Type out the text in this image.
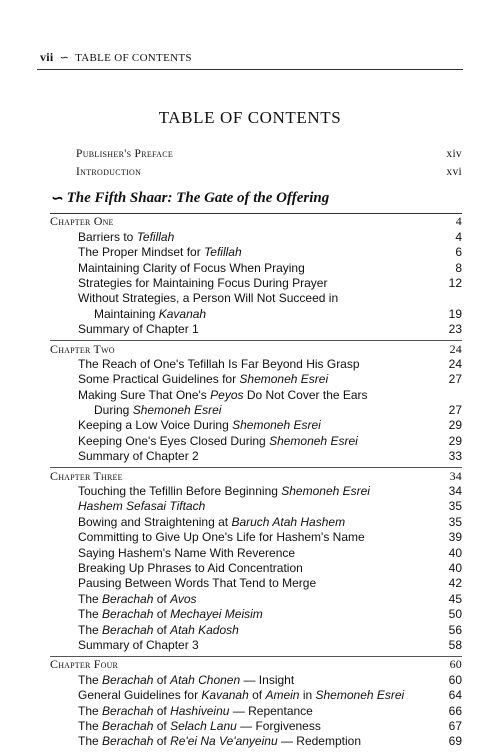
vii ∽ TABLE OF CONTENTS
TABLE OF CONTENTS
Publisher's Preface	xiv
Introduction	xvi
∽ The Fifth Shaar: The Gate of the Offering
Chapter One	4
Barriers to Tefillah	4
The Proper Mindset for Tefillah	6
Maintaining Clarity of Focus When Praying	8
Strategies for Maintaining Focus During Prayer	12
Without Strategies, a Person Will Not Succeed in
Maintaining Kavanah	19
Summary of Chapter 1	23
Chapter Two	24
The Reach of One's Tefillah Is Far Beyond His Grasp	24
Some Practical Guidelines for Shemoneh Esrei	27
Making Sure That One's Peyos Do Not Cover the Ears
During Shemoneh Esrei	27
Keeping a Low Voice During Shemoneh Esrei	29
Keeping One's Eyes Closed During Shemoneh Esrei	29
Summary of Chapter 2	33
Chapter Three	34
Touching the Tefillin Before Beginning Shemoneh Esrei	34
Hashem Sefasai Tiftach	35
Bowing and Straightening at Baruch Atah Hashem	35
Committing to Give Up One's Life for Hashem's Name	39
Saying Hashem's Name With Reverence	40
Breaking Up Phrases to Aid Concentration	40
Pausing Between Words That Tend to Merge	42
The Berachah of Avos	45
The Berachah of Mechayei Meisim	50
The Berachah of Atah Kadosh	56
Summary of Chapter 3	58
Chapter Four	60
The Berachah of Atah Chonen — Insight	60
General Guidelines for Kavanah of Amein in Shemoneh Esrei	64
The Berachah of Hashiveinu — Repentance	66
The Berachah of Selach Lanu — Forgiveness	67
The Berachah of Re'ei Na Ve'anyeinu — Redemption	69
